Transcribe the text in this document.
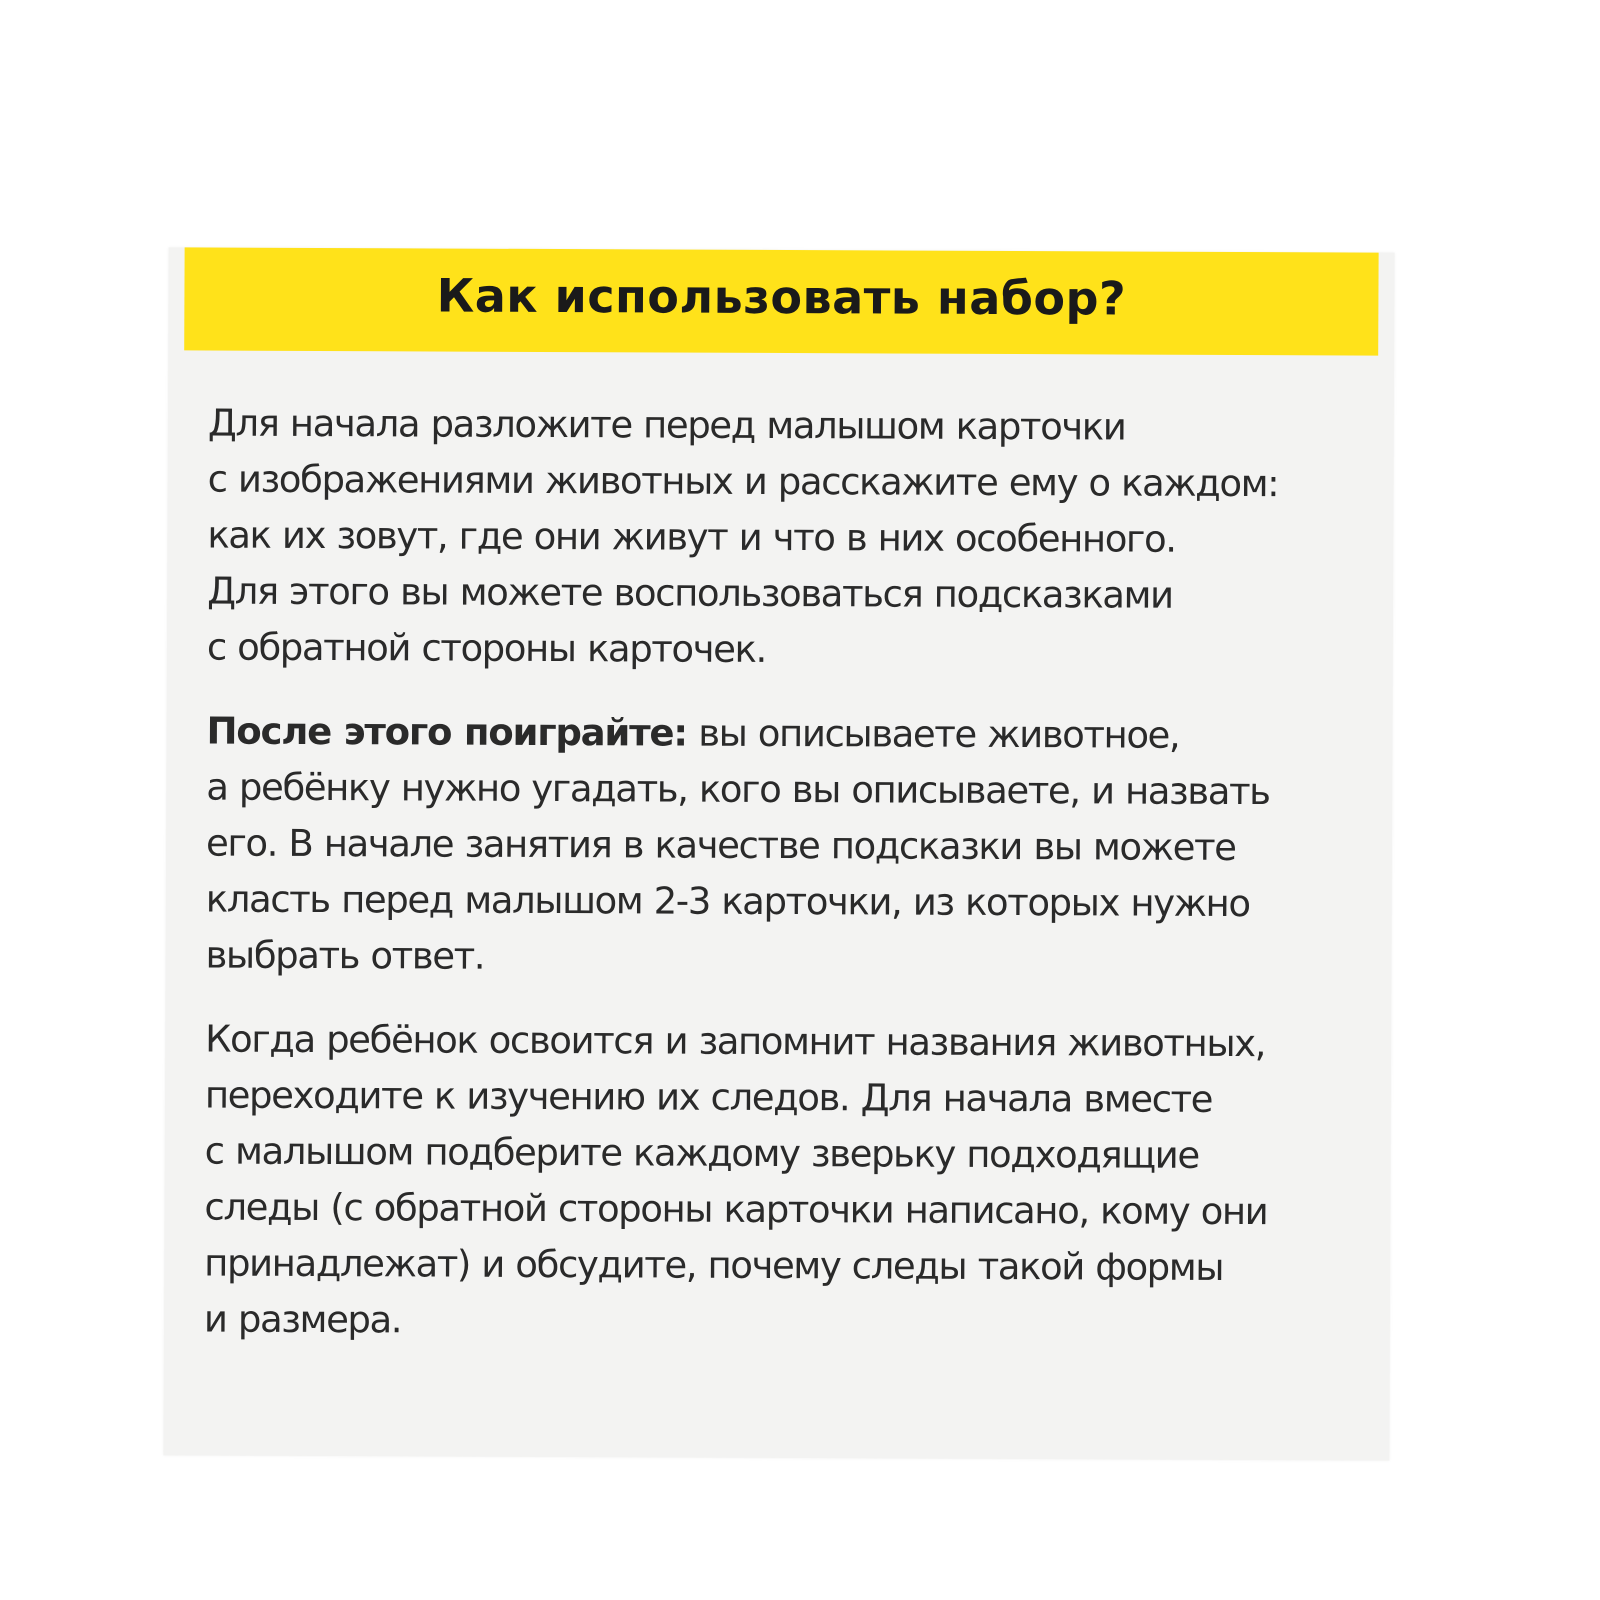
Как использовать набор?

Для начала разложите перед малышом карточки
с изображениями животных и расскажите ему о каждом:
как их зовут, где они живут и что в них особенного.
Для этого вы можете воспользоваться подсказками
с обратной стороны карточек.

После этого поиграйте: вы описываете животное,
а ребёнку нужно угадать, кого вы описываете, и назвать
его. В начале занятия в качестве подсказки вы можете
класть перед малышом 2-3 карточки, из которых нужно
выбрать ответ.

Когда ребёнок освоится и запомнит названия животных,
переходите к изучению их следов. Для начала вместе
с малышом подберите каждому зверьку подходящие
следы (с обратной стороны карточки написано, кому они
принадлежат) и обсудите, почему следы такой формы
и размера.
